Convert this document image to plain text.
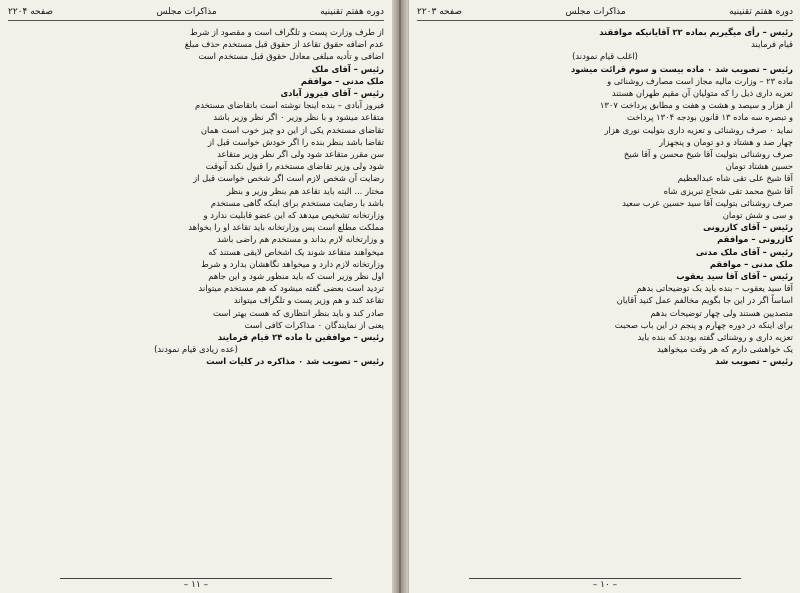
دوره هفتم تقنینیه
مذاکرات مجلس
صفحه ۲۲۰۴
از طرف وزارت پست و تلگراف است و مقصود از شرط
عدم اضافه حقوق تقاعد از حقوق قبل مستخدم حذف مبلغ
اضافی و تأدیه مبلغی معادل حقوق قبل مستخدم است
رئیس – آقای ملک
ملک مدنی – موافقم
رئیس – آقای فیروز آبادی
فیروز آبادی – بنده اینجا نوشته است باتقاضای مستخدم
متقاعد میشود و با نظر وزیر ۰ اگر نظر وزیر باشد
تقاضای مستخدم یکی از این دو چیز خوب است همان
تقاضا باشد بنظر بنده را اگر خودش خواست قبل از
سن مقرر متقاعد شود ولی اگر نظر وزیر متقاعد
شود ولی وزیر تقاضای مستخدم را قبول نکند آنوقت
رضایت آن شخص لازم است اگر شخص خواست قبل از
مختار ... البته باید تقاعد هم بنظر وزیر و بنظر
باشد با رضایت مستخدم برای اینکه گاهی مستخدم
وزارتخانه تشخیص میدهد که این عضو قابلیت ندارد و
مملکت مطلع است پس وزارتخانه باید تقاعد او را بخواهد
و وزارتخانه لازم بداند و مستخدم هم راضی باشد
میخواهند متقاعد شوند یک اشخاص لایقی هستند که
وزارتخانه لازم دارد و میخواهد نگاهشان بدارد و شرط
اول نظر وزیر است که باید منظور شود و این جاهم
تردید است بعضی گفته میشود که هم مستخدم میتواند
تقاعد کند و هم وزیر پست و تلگراف میتواند
صادر کند و باید بنظر انتظاری که هست بهتر است
یعنی از نمایندگان ۰ مذاکرات کافی است
رئیس – موافقین با ماده ۲۴ قیام فرمایند
(عده زیادی قیام نمودند)
رئیس – تصویب شد ۰ مذاکره در کلیات است
– ۱۱ –
دوره هفتم تقنینیه
مذاکرات مجلس
صفحه ۲۲۰۳
رئیس – رأی میگیریم بماده ۲۲ آقایانیکه موافقند
قیام فرمایند
(اغلب قیام نمودند)
رئیس – تصویب شد ۰ ماده بیست و سوم قرائت میشود
ماده ۲۳ – وزارت مالیه مجاز است مصارف روشنائی و
تعزیه داری ذیل را که متولیان آن مقیم طهران هستند
از هزار و سیصد و هشت و هفت و مطابق پرداخت ۱۳۰۷
و تبصره سه ماده ۱۳ قانون بودجه ۱۳۰۴ پرداخت
نماید ۰ صرف روشنائی و تعزیه داری بتولیت نوری هزار
چهار صد و هشتاد و دو تومان و پنجهزار
صرف روشنائی بتولیت آقا شیخ محسن و آقا شیخ
حسین هشتاد تومان
آقا شیخ علی تقی شاه عبدالعظیم
آقا شیخ محمد تقی شجاع تبریزی شاه
صرف روشنائی بتولیت آقا سید حسین عرب سعید
و سی و شش تومان
رئیس – آقای کازرونی
کازرونی – موافقم
رئیس – آقای ملک مدنی
ملک مدنی – موافقم
رئیس – آقای آقا سید یعقوب
آقا سید یعقوب – بنده باید یک توضیحاتی بدهم
اساساً اگر در این جا بگویم مخالفم عمل کنید آقایان
متصدیین هستند ولی چهار توضیحات بدهم
برای اینکه در دوره چهارم و پنجم در این باب صحبت
تعزیه داری و روشنائی گفته بودند که بنده باید
یک خواهشی دارم که هر وقت میخواهید
رئیس – تصویب شد
– ۱۰ –
